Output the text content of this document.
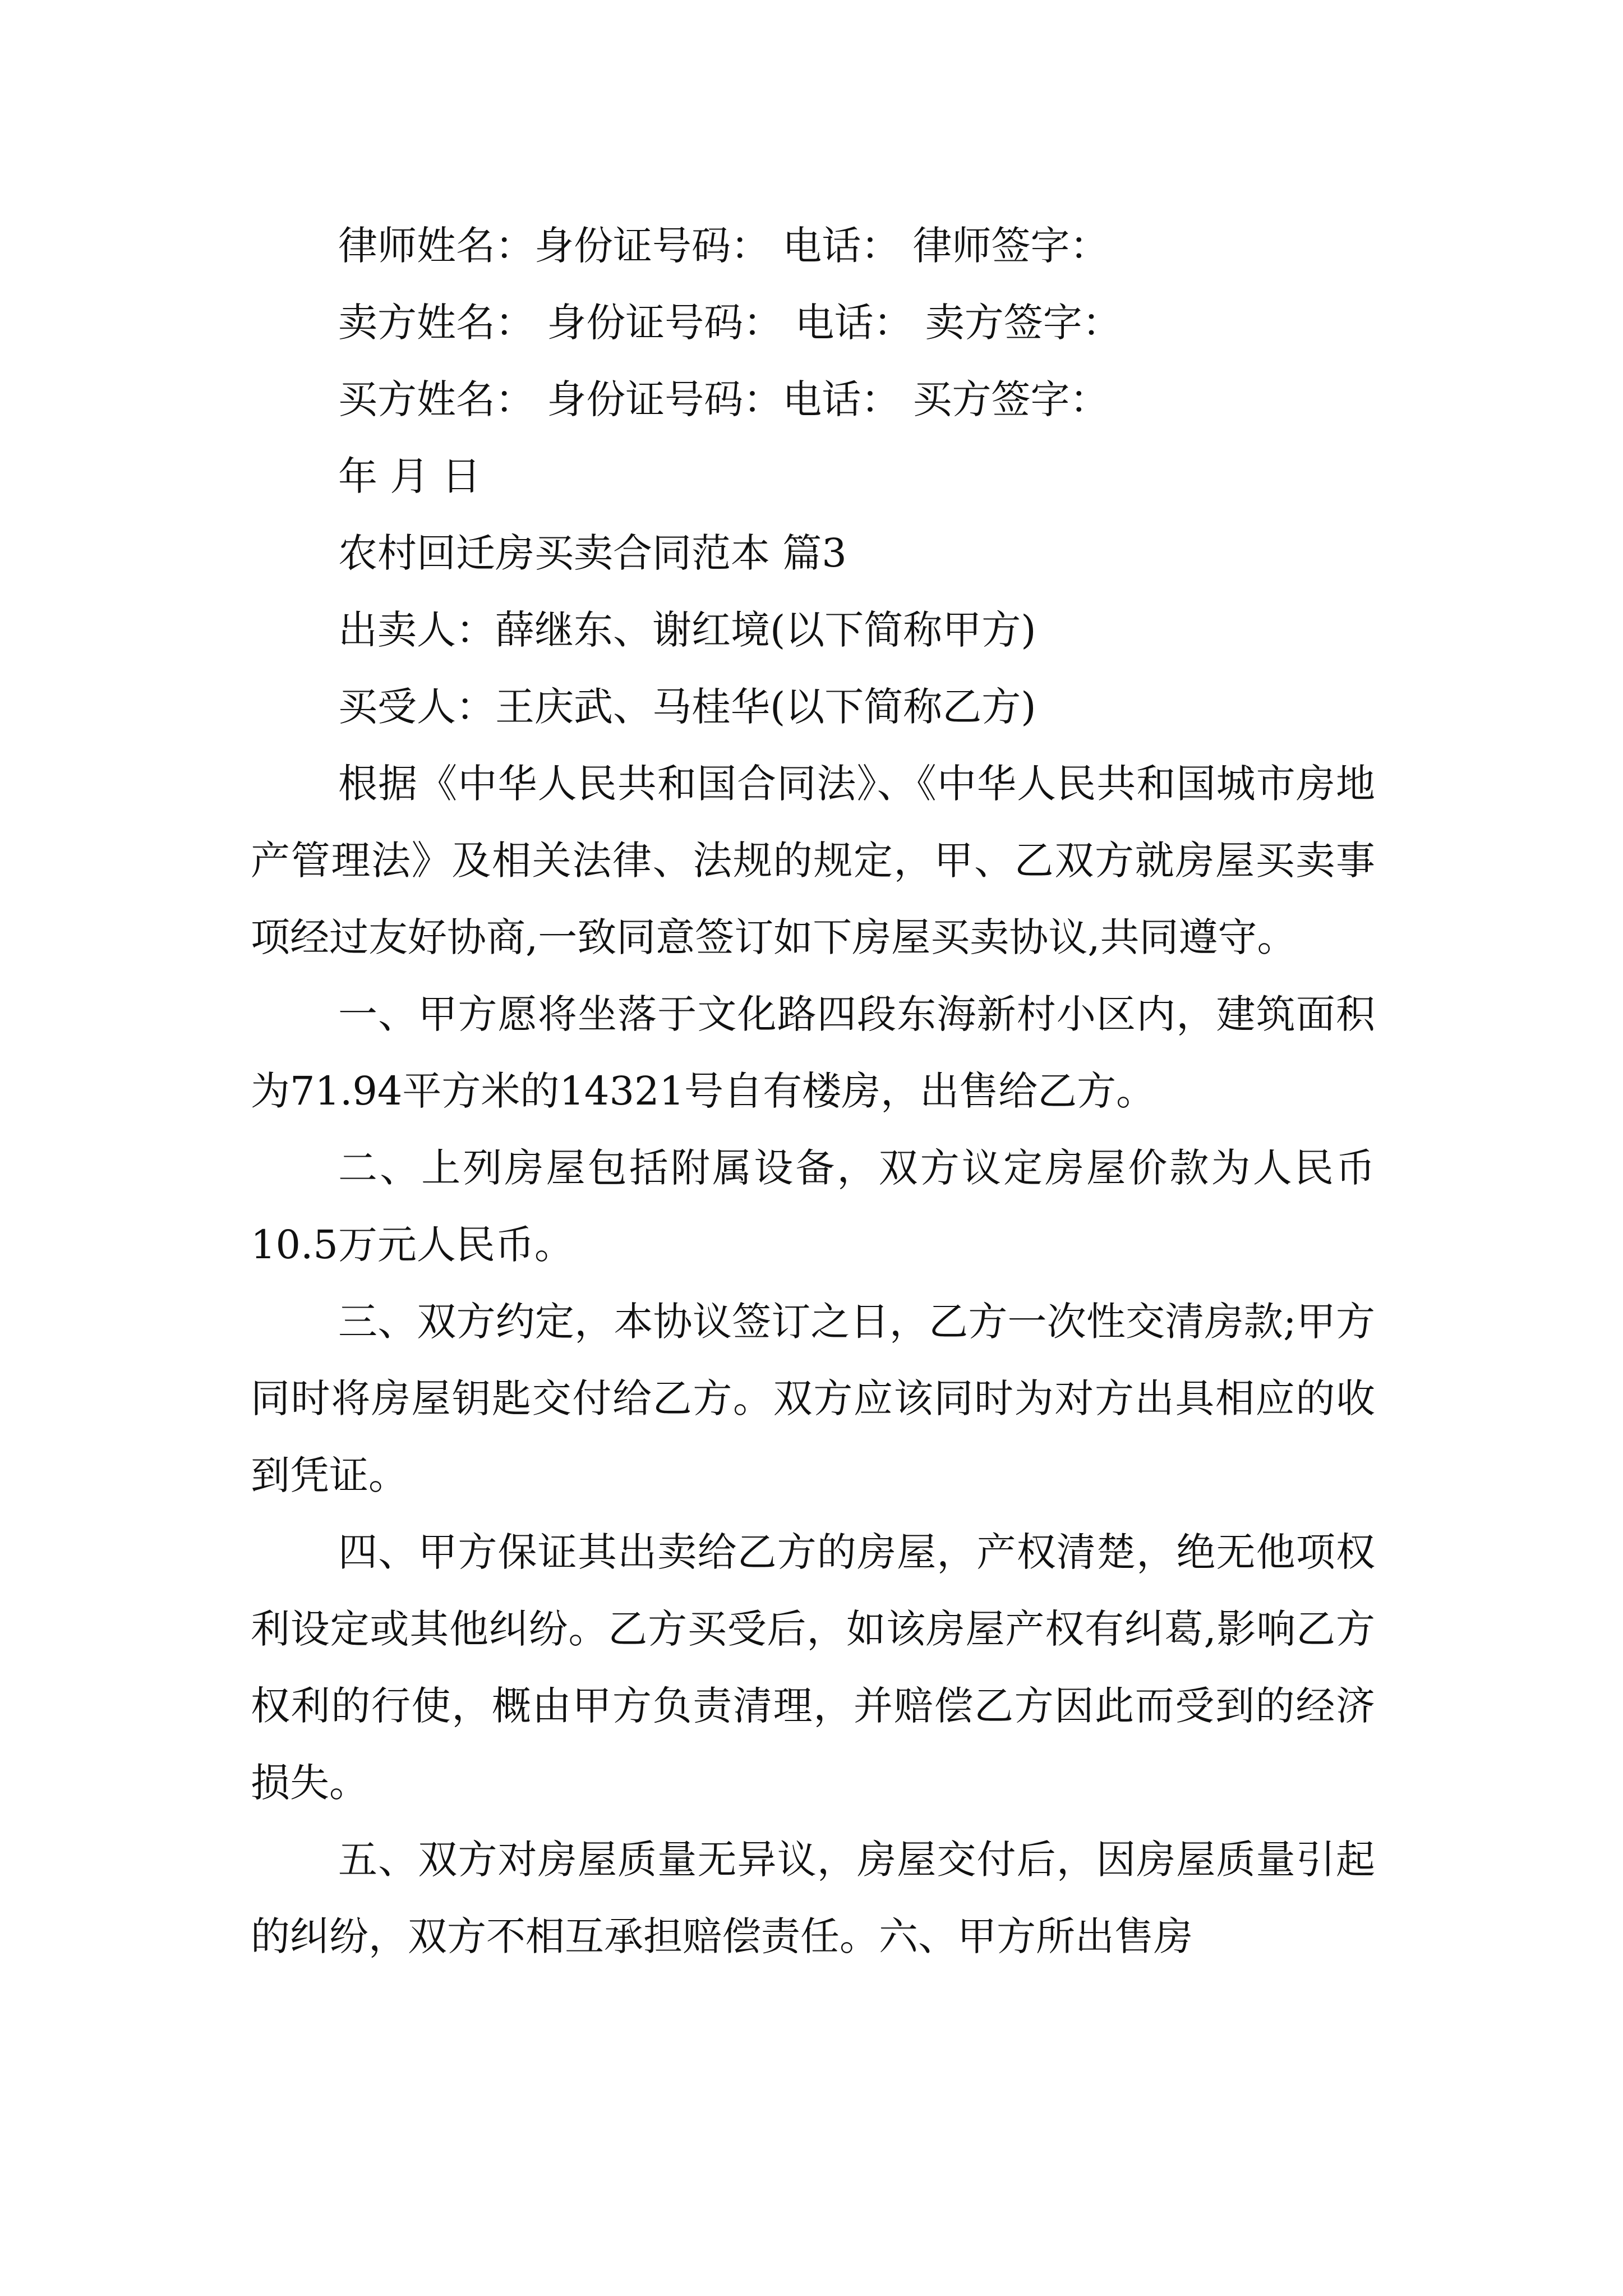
律师姓名：身份证号码： 电话： 律师签字：

卖方姓名： 身份证号码： 电话： 卖方签字：

买方姓名： 身份证号码：电话： 买方签字：

年 月 日

农村回迁房买卖合同范本 篇3

出卖人：薛继东、谢红境(以下简称甲方)

买受人：王庆武、马桂华(以下简称乙方)

根据《中华人民共和国合同法》、《中华人民共和国城市房地产管理法》及相关法律、法规的规定，甲、乙双方就房屋买卖事项经过友好协商,一致同意签订如下房屋买卖协议,共同遵守。

一、甲方愿将坐落于文化路四段东海新村小区内，建筑面积为71.94平方米的14321号自有楼房，出售给乙方。

二、上列房屋包括附属设备，双方议定房屋价款为人民币10.5万元人民币。

三、双方约定，本协议签订之日，乙方一次性交清房款;甲方同时将房屋钥匙交付给乙方。双方应该同时为对方出具相应的收到凭证。

四、甲方保证其出卖给乙方的房屋，产权清楚，绝无他项权利设定或其他纠纷。乙方买受后，如该房屋产权有纠葛,影响乙方权利的行使，概由甲方负责清理，并赔偿乙方因此而受到的经济损失。

五、双方对房屋质量无异议，房屋交付后，因房屋质量引起的纠纷，双方不相互承担赔偿责任。六、甲方所出售房
